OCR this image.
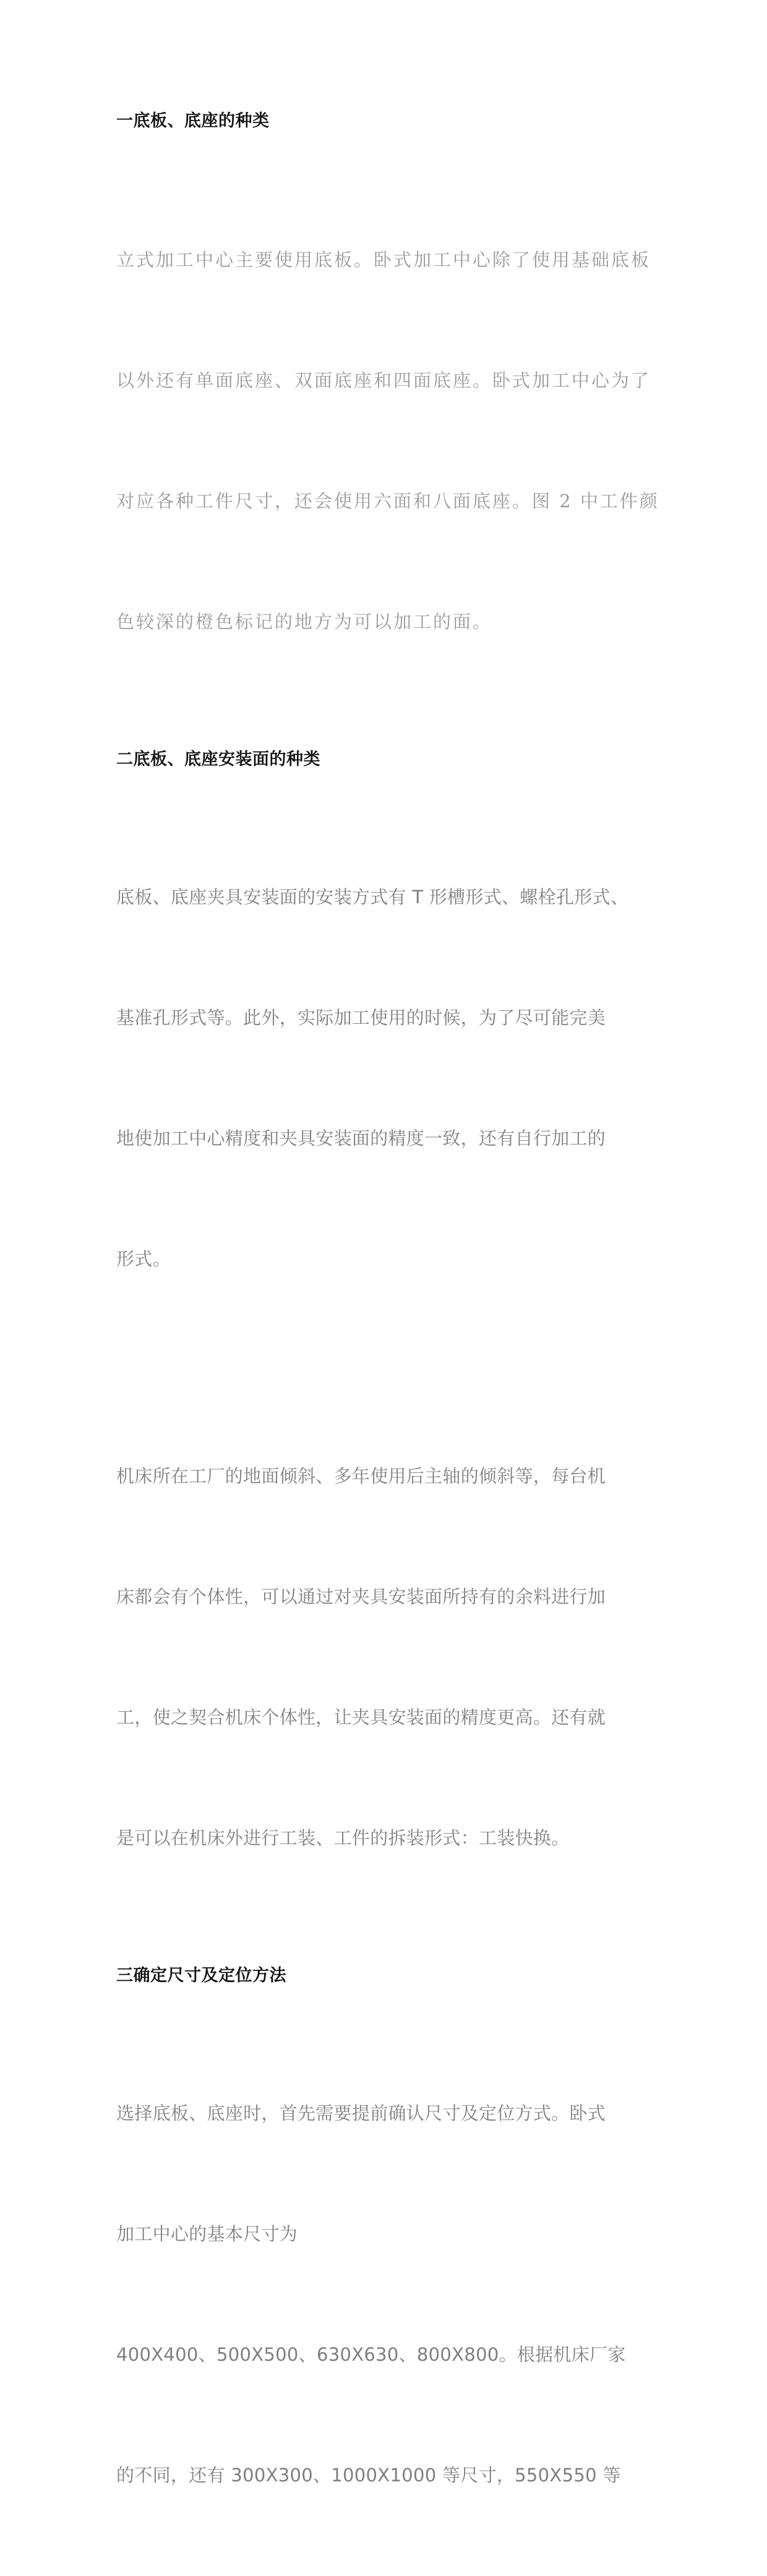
一底板、底座的种类

立式加工中心主要使用底板。卧式加工中心除了使用基础底板

以外还有单面底座、双面底座和四面底座。卧式加工中心为了

对应各种工件尺寸，还会使用六面和八面底座。图 2 中工件颜

色较深的橙色标记的地方为可以加工的面。

二底板、底座安装面的种类

底板、底座夹具安装面的安装方式有 T 形槽形式、螺栓孔形式、

基准孔形式等。此外，实际加工使用的时候，为了尽可能完美

地使加工中心精度和夹具安装面的精度一致，还有自行加工的

形式。

机床所在工厂的地面倾斜、多年使用后主轴的倾斜等，每台机

床都会有个体性，可以通过对夹具安装面所持有的余料进行加

工，使之契合机床个体性，让夹具安装面的精度更高。还有就

是可以在机床外进行工装、工件的拆装形式：工装快换。

三确定尺寸及定位方法

选择底板、底座时，首先需要提前确认尺寸及定位方式。卧式

加工中心的基本尺寸为

400X400、500X500、630X630、800X800。根据机床厂家

的不同，还有 300X300、1000X1000 等尺寸，550X550 等
